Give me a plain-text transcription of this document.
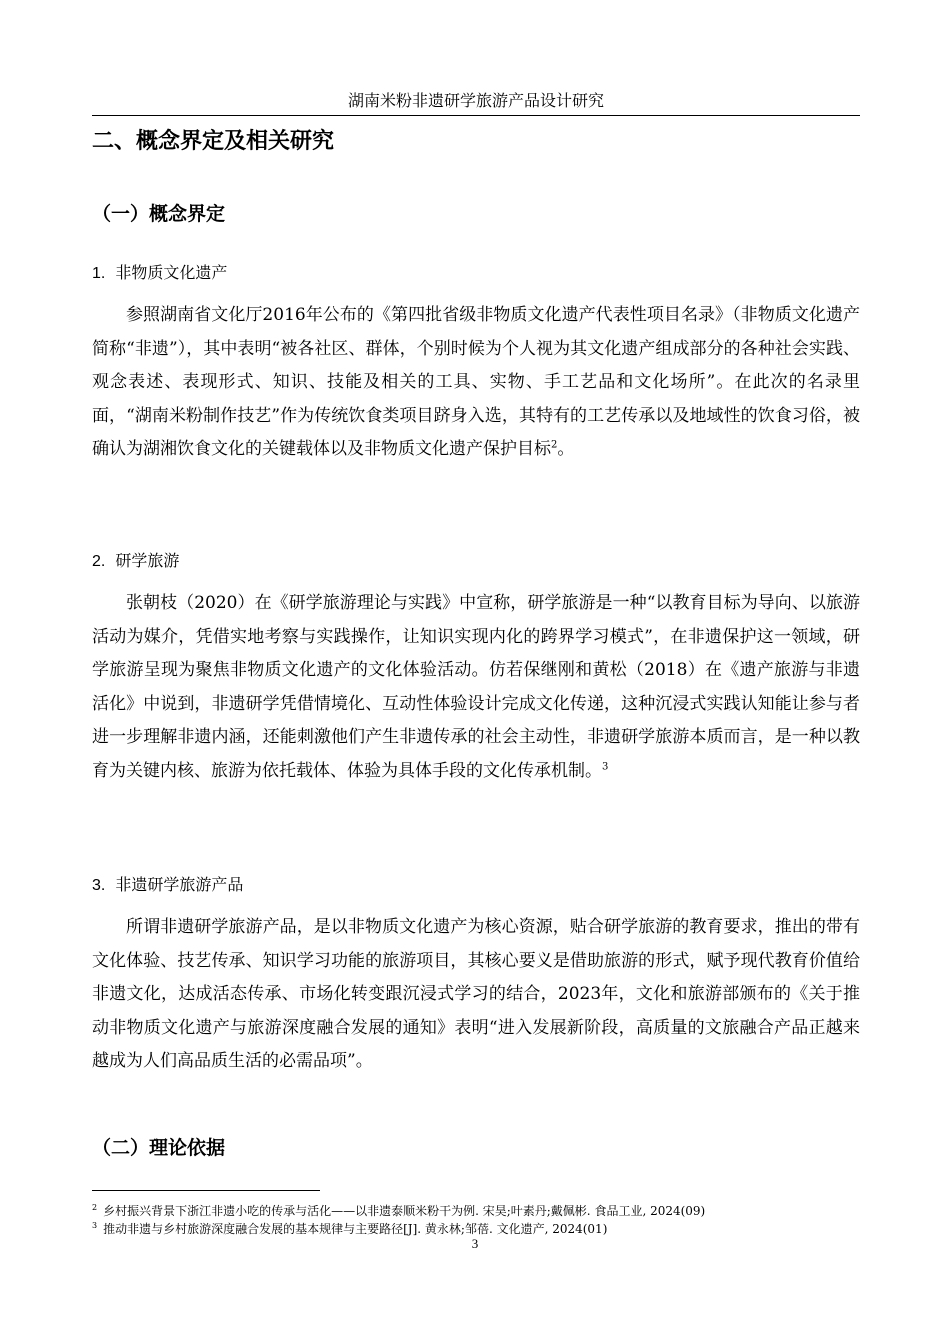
湖南米粉非遗研学旅游产品设计研究
二、概念界定及相关研究
（一）概念界定
1. 非物质文化遗产

参照湖南省文化厅2016年公布的《第四批省级非物质文化遗产代表性项目名录》（非物质文化遗产简称“非遗”），其中表明“被各社区、群体，个别时候为个人视为其文化遗产组成部分的各种社会实践、观念表述、表现形式、知识、技能及相关的工具、实物、手工艺品和文化场所”。在此次的名录里面，“湖南米粉制作技艺”作为传统饮食类项目跻身入选，其特有的工艺传承以及地域性的饮食习俗，被确认为湖湘饮食文化的关键载体以及非物质文化遗产保护目标$^2$。

2. 研学旅游

张朝枝（2020）在《研学旅游理论与实践》中宣称，研学旅游是一种“以教育目标为导向、以旅游活动为媒介，凭借实地考察与实践操作，让知识实现内化的跨界学习模式”，在非遗保护这一领域，研学旅游呈现为聚焦非物质文化遗产的文化体验活动。仿若保继刚和黄松（2018）在《遗产旅游与非遗活化》中说到，非遗研学凭借情境化、互动性体验设计完成文化传递，这种沉浸式实践认知能让参与者进一步理解非遗内涵，还能刺激他们产生非遗传承的社会主动性，非遗研学旅游本质而言，是一种以教育为关键内核、旅游为依托载体、体验为具体手段的文化传承机制。$^3$

3. 非遗研学旅游产品

所谓非遗研学旅游产品，是以非物质文化遗产为核心资源，贴合研学旅游的教育要求，推出的带有文化体验、技艺传承、知识学习功能的旅游项目，其核心要义是借助旅游的形式，赋予现代教育价值给非遗文化，达成活态传承、市场化转变跟沉浸式学习的结合，2023年，文化和旅游部颁布的《关于推动非物质文化遗产与旅游深度融合发展的通知》表明“进入发展新阶段，高质量的文旅融合产品正越来越成为人们高品质生活的必需品项”。

（二）理论依据
$^2$ 乡村振兴背景下浙江非遗小吃的传承与活化——以非遗泰顺米粉干为例. 宋昊;叶素丹;戴佩彬. 食品工业, 2024(09)
$^3$ 推动非遗与乡村旅游深度融合发展的基本规律与主要路径[J]. 黄永林;邹蓓. 文化遗产, 2024(01)
3
